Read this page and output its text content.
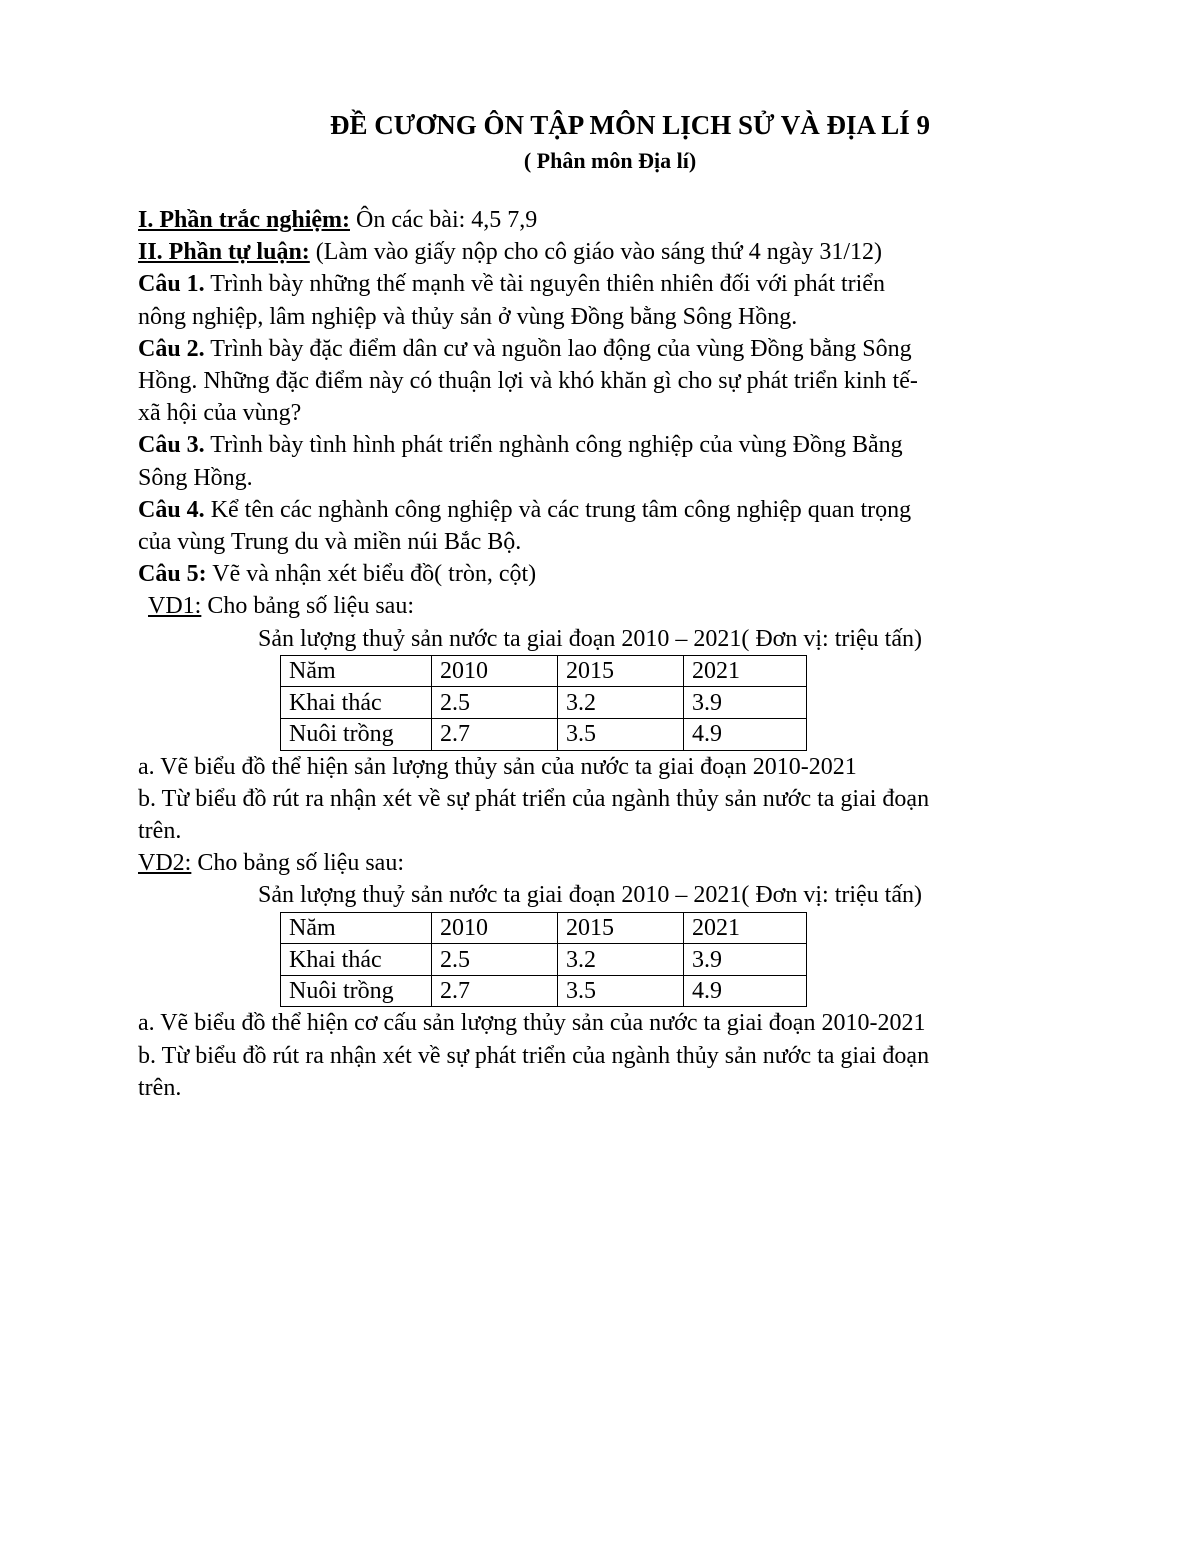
ĐỀ CƯƠNG ÔN TẬP MÔN LỊCH SỬ VÀ ĐỊA LÍ 9
( Phân môn Địa lí)
I. Phần trắc nghiệm: Ôn các bài: 4,5 7,9
II. Phần tự luận: (Làm vào giấy nộp cho cô giáo vào sáng thứ 4 ngày 31/12)
Câu 1. Trình bày những thế mạnh về tài nguyên thiên nhiên đối với phát triển
nông nghiệp, lâm nghiệp và thủy sản ở vùng Đồng bằng Sông Hồng.
Câu 2. Trình bày đặc điểm dân cư và nguồn lao động của vùng Đồng bằng Sông
Hồng. Những đặc điểm này có thuận lợi và khó khăn gì cho sự phát triển kinh tế-
xã hội của vùng?
Câu 3. Trình bày tình hình phát triển nghành công nghiệp của vùng Đồng Bằng
Sông Hồng.
Câu 4. Kể tên các nghành công nghiệp và các trung tâm công nghiệp quan trọng
của vùng Trung du và miền núi Bắc Bộ.
Câu 5: Vẽ và nhận xét biểu đồ( tròn, cột)
VD1: Cho bảng số liệu sau:
Sản lượng thuỷ sản nước ta giai đoạn 2010 – 2021( Đơn vị: triệu tấn)
Năm	2010	2015	2021
Khai thác	2.5	3.2	3.9
Nuôi trồng	2.7	3.5	4.9
a. Vẽ biểu đồ thể hiện sản lượng thủy sản của nước ta giai đoạn 2010-2021
b. Từ biểu đồ rút ra nhận xét về sự phát triển của ngành thủy sản nước ta giai đoạn
trên.
VD2: Cho bảng số liệu sau:
Sản lượng thuỷ sản nước ta giai đoạn 2010 – 2021( Đơn vị: triệu tấn)
Năm	2010	2015	2021
Khai thác	2.5	3.2	3.9
Nuôi trồng	2.7	3.5	4.9
a. Vẽ biểu đồ thể hiện cơ cấu sản lượng thủy sản của nước ta giai đoạn 2010-2021
b. Từ biểu đồ rút ra nhận xét về sự phát triển của ngành thủy sản nước ta giai đoạn
trên.
